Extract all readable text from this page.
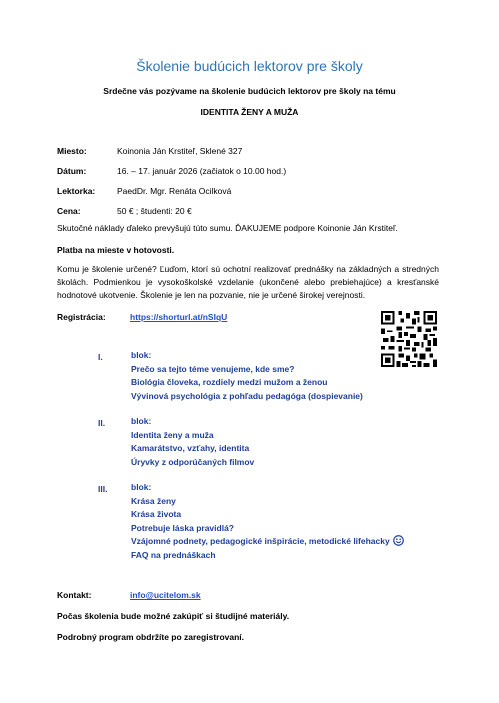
Školenie budúcich lektorov pre školy
Srdečne vás pozývame na školenie budúcich lektorov pre školy na tému
IDENTITA ŽENY A MUŽA
Miesto:	Koinonia Ján Krstiteľ, Sklené 327
Dátum:	16. – 17. január 2026 (začiatok o 10.00 hod.)
Lektorka:	PaedDr. Mgr. Renáta Ocilková
Cena:	50 € ; študenti: 20 €
Skutočné náklady ďaleko prevyšujú túto sumu. ĎAKUJEME podpore Koinonie Ján Krstiteľ.
Platba na mieste v hotovosti.
Komu je školenie určené? Ľuďom, ktorí sú ochotní realizovať prednášky na základných a stredných školách. Podmienkou je vysokoškolské vzdelanie (ukončené alebo prebiehajúce) a kresťanské hodnotové ukotvenie. Školenie je len na pozvanie, nie je určené širokej verejnosti.
Registrácia:	https://shorturl.at/nSIqU
I.	blok:
Prečo sa tejto téme venujeme, kde sme?
Biológia človeka, rozdiely medzi mužom a ženou
Vývinová psychológia z pohľadu pedagóga (dospievanie)
II.	blok:
Identita ženy a muža
Kamarátstvo, vzťahy, identita
Úryvky z odporúčaných filmov
III.	blok:
Krása ženy
Krása života
Potrebuje láska pravidlá?
Vzájomné podnety, pedagogické inšpirácie, metodické lifehacky
FAQ na prednáškach
Kontakt:	info@ucitelom.sk
Počas školenia bude možné zakúpiť si študijné materiály.
Podrobný program obdržíte po zaregistrovaní.
